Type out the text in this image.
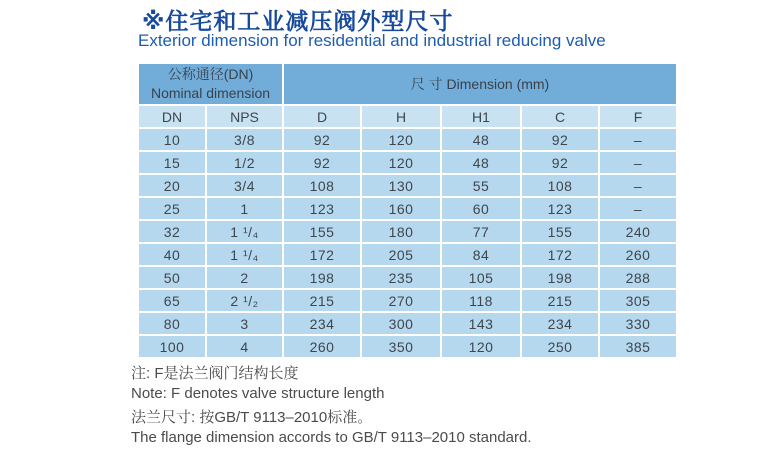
※住宅和工业减压阀外型尺寸
Exterior dimension for residential and industrial reducing valve
公称通径(DN)
Nominal dimension		尺 寸 Dimension (mm)				
DN	NPS	D	H	H1	C	F
10	3/8	92	120	48	92	–
15	1/2	92	120	48	92	–
20	3/4	108	130	55	108	–
25	1	123	160	60	123	–
32	1 ¹/₄	155	180	77	155	240
40	1 ¹/₄	172	205	84	172	260
50	2	198	235	105	198	288
65	2 ¹/₂	215	270	118	215	305
80	3	234	300	143	234	330
100	4	260	350	120	250	385
注: F是法兰阀门结构长度
Note: F denotes valve structure length
法兰尺寸: 按GB/T 9113–2010标准。
The flange dimension accords to GB/T 9113–2010 standard.
